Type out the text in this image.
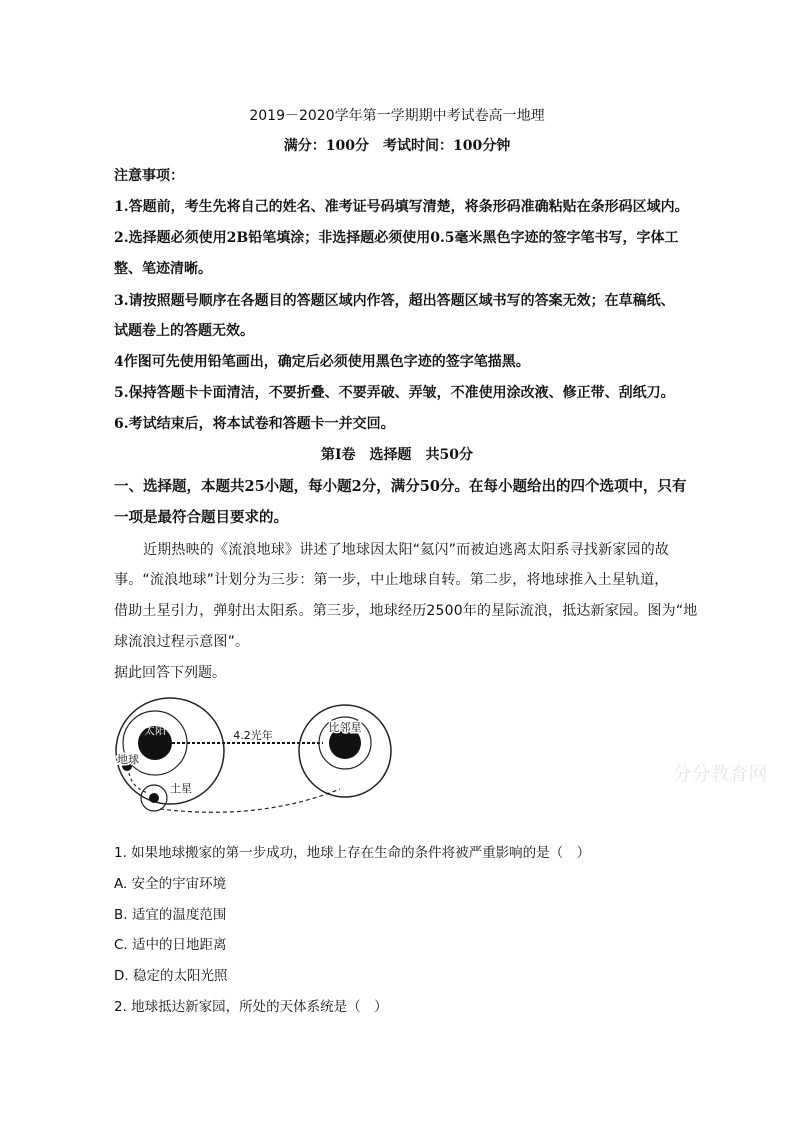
2019－2020学年第一学期期中考试卷高一地理
满分：100分　考试时间：100分钟
注意事项：
1.答题前，考生先将自己的姓名、准考证号码填写清楚，将条形码准确粘贴在条形码区域内。
2.选择题必须使用2B铅笔填涂；非选择题必须使用0.5毫米黑色字迹的签字笔书写，字体工
整、笔迹清晰。
3.请按照题号顺序在各题目的答题区域内作答，超出答题区域书写的答案无效；在草稿纸、
试题卷上的答题无效。
4作图可先使用铅笔画出，确定后必须使用黑色字迹的签字笔描黑。
5.保持答题卡卡面清洁，不要折叠、不要弄破、弄皱，不准使用涂改液、修正带、刮纸刀。
6.考试结束后，将本试卷和答题卡一并交回。
第Ⅰ卷　选择题　共50分
一、选择题，本题共25小题，每小题2分，满分50分。在每小题给出的四个选项中，只有
一项是最符合题目要求的。
近期热映的《流浪地球》讲述了地球因太阳“氦闪”而被迫逃离太阳系寻找新家园的故
事。“流浪地球”计划分为三步：第一步，中止地球自转。第二步，将地球推入土星轨道，
借助土星引力，弹射出太阳系。第三步，地球经历2500年的星际流浪，抵达新家园。图为“地
球流浪过程示意图”。
据此回答下列题。
太阳
地球
土星
4.2光年
比邻星
分分教育网
1. 如果地球搬家的第一步成功，地球上存在生命的条件将被严重影响的是（　）
A. 安全的宇宙环境
B. 适宜的温度范围
C. 适中的日地距离
D. 稳定的太阳光照
2. 地球抵达新家园，所处的天体系统是（　）
